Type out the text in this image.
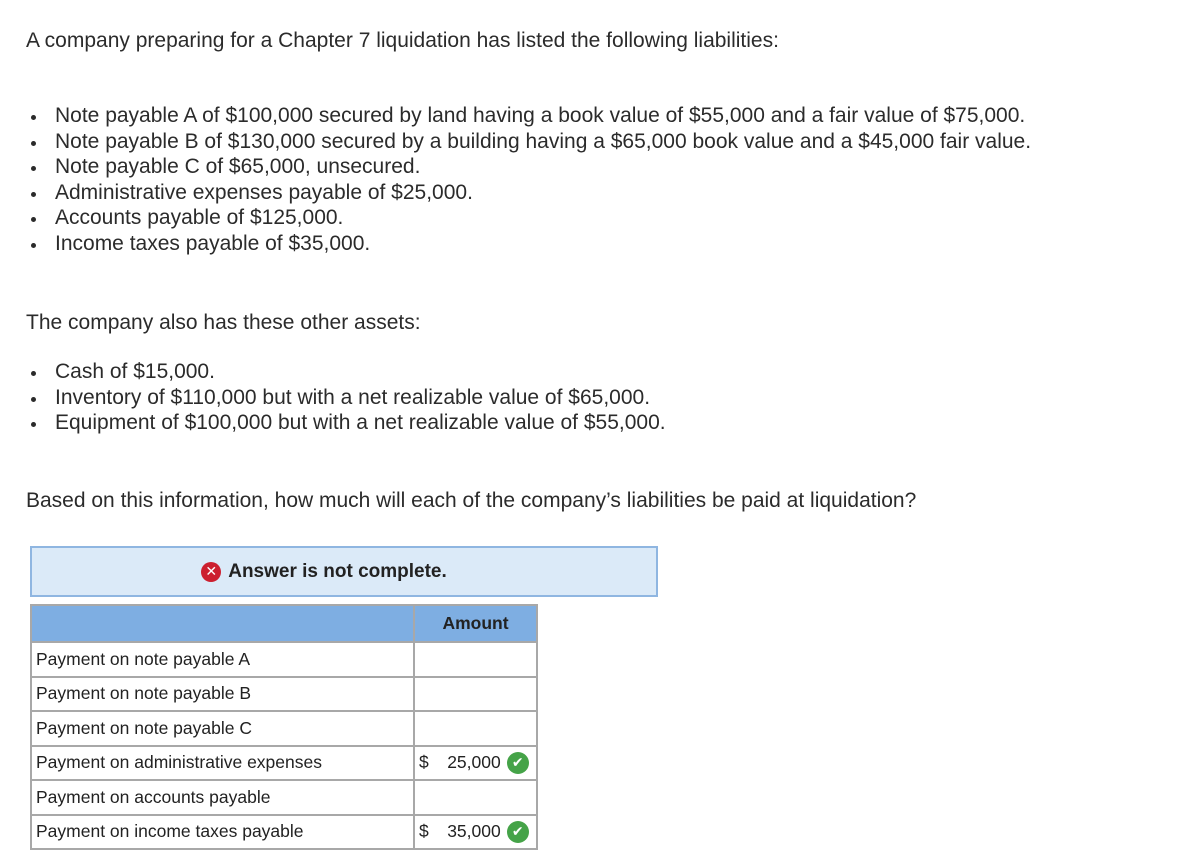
A company preparing for a Chapter 7 liquidation has listed the following liabilities:

Note payable A of $100,000 secured by land having a book value of $55,000 and a fair value of $75,000.
Note payable B of $130,000 secured by a building having a $65,000 book value and a $45,000 fair value.
Note payable C of $65,000, unsecured.
Administrative expenses payable of $25,000.
Accounts payable of $125,000.
Income taxes payable of $35,000.

The company also has these other assets:

Cash of $15,000.
Inventory of $110,000 but with a net realizable value of $65,000.
Equipment of $100,000 but with a net realizable value of $55,000.

Based on this information, how much will each of the company’s liabilities be paid at liquidation?

✕ Answer is not complete.
	Amount
Payment on note payable A	

Payment on note payable B	

Payment on note payable C	

Payment on administrative expenses	$ 25,000 ✔

Payment on accounts payable	

Payment on income taxes payable	$ 35,000 ✔
